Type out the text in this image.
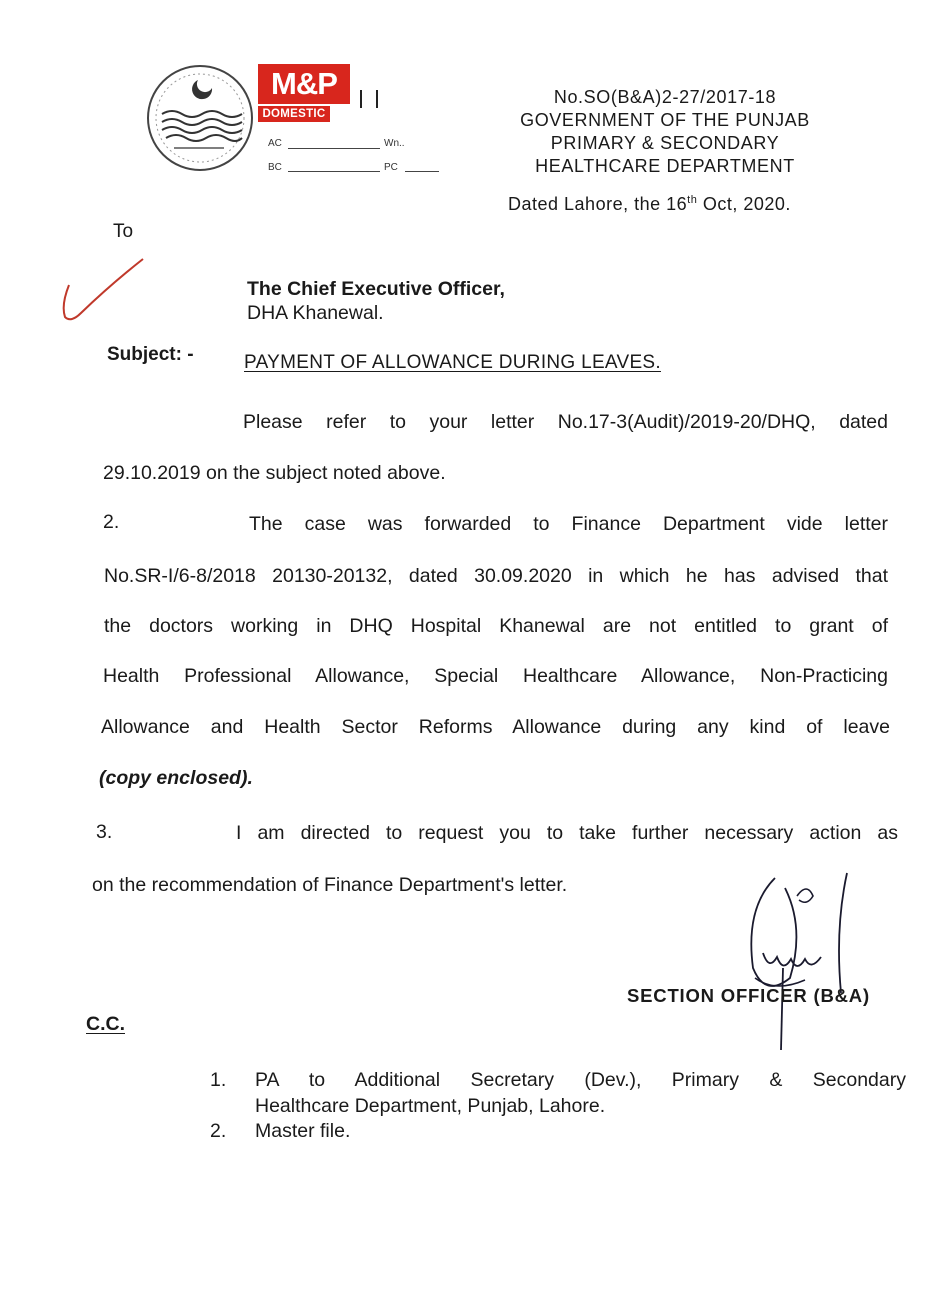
M&P
DOMESTIC
AC	Wn..
BC	PC
No.SO(B&A)2-27/2017-18
GOVERNMENT OF THE PUNJAB
PRIMARY & SECONDARY
HEALTHCARE DEPARTMENT
Dated Lahore, the 16th Oct, 2020.
To
The Chief Executive Officer,
DHA Khanewal.
Subject: -	PAYMENT OF ALLOWANCE DURING LEAVES.
Please refer to your letter No.17-3(Audit)/2019-20/DHQ, dated
29.10.2019 on the subject noted above.
2.	The case was forwarded to Finance Department vide letter
No.SR-I/6-8/2018 20130-20132, dated 30.09.2020 in which he has advised that
the doctors working in DHQ Hospital Khanewal are not entitled to grant of
Health Professional Allowance, Special Healthcare Allowance, Non-Practicing
Allowance and Health Sector Reforms Allowance during any kind of leave
(copy enclosed).
3.	I am directed to request you to take further necessary action as
on the recommendation of Finance Department's letter.
SECTION OFFICER (B&A)
C.C.
1. PA to Additional Secretary (Dev.), Primary & Secondary
Healthcare Department, Punjab, Lahore.
2. Master file.
